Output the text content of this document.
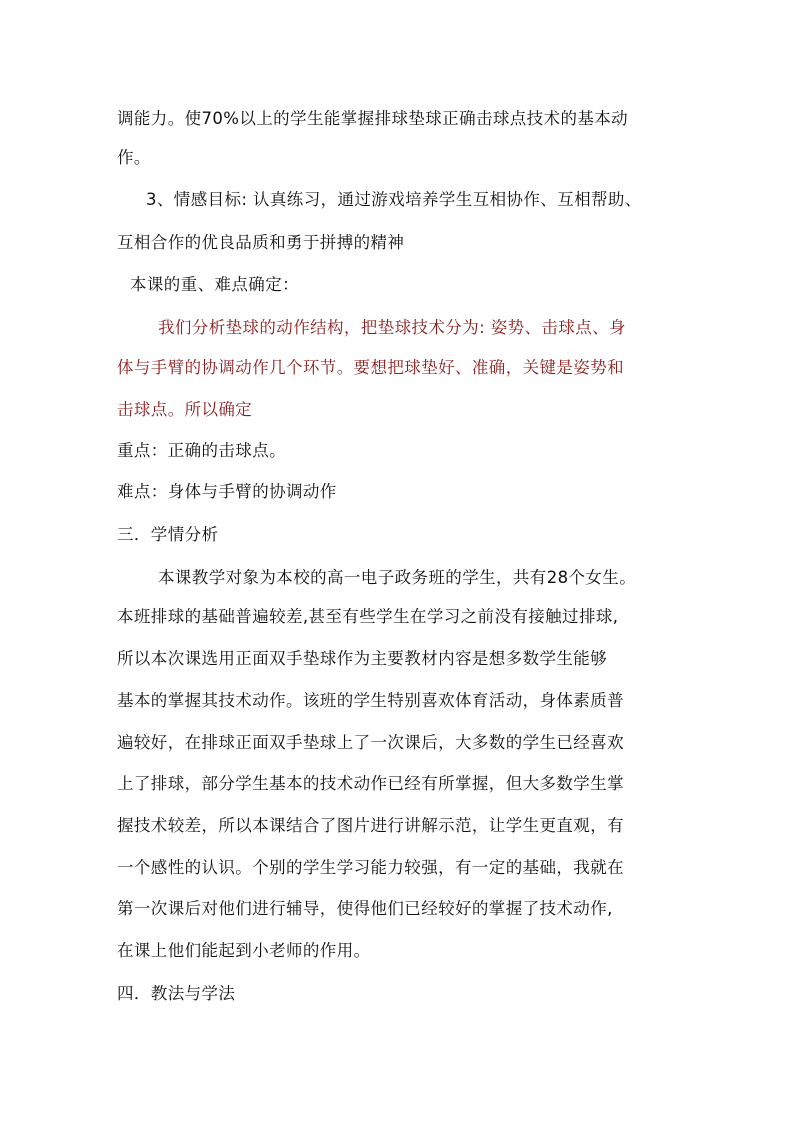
调能力。使70%以上的学生能掌握排球垫球正确击球点技术的基本动
作。
3、情感目标: 认真练习，通过游戏培养学生互相协作、互相帮助、
互相合作的优良品质和勇于拼搏的精神
本课的重、难点确定：
我们分析垫球的动作结构，把垫球技术分为: 姿势、击球点、身
体与手臂的协调动作几个环节。要想把球垫好、准确，关键是姿势和
击球点。所以确定
重点：正确的击球点。
难点：身体与手臂的协调动作
三．学情分析
本课教学对象为本校的高一电子政务班的学生，共有28个女生。
本班排球的基础普遍较差,甚至有些学生在学习之前没有接触过排球,
所以本次课选用正面双手垫球作为主要教材内容是想多数学生能够
基本的掌握其技术动作。该班的学生特别喜欢体育活动，身体素质普
遍较好，在排球正面双手垫球上了一次课后，大多数的学生已经喜欢
上了排球，部分学生基本的技术动作已经有所掌握，但大多数学生掌
握技术较差，所以本课结合了图片进行讲解示范，让学生更直观，有
一个感性的认识。个别的学生学习能力较强，有一定的基础，我就在
第一次课后对他们进行辅导，使得他们已经较好的掌握了技术动作,
在课上他们能起到小老师的作用。
四．教法与学法
